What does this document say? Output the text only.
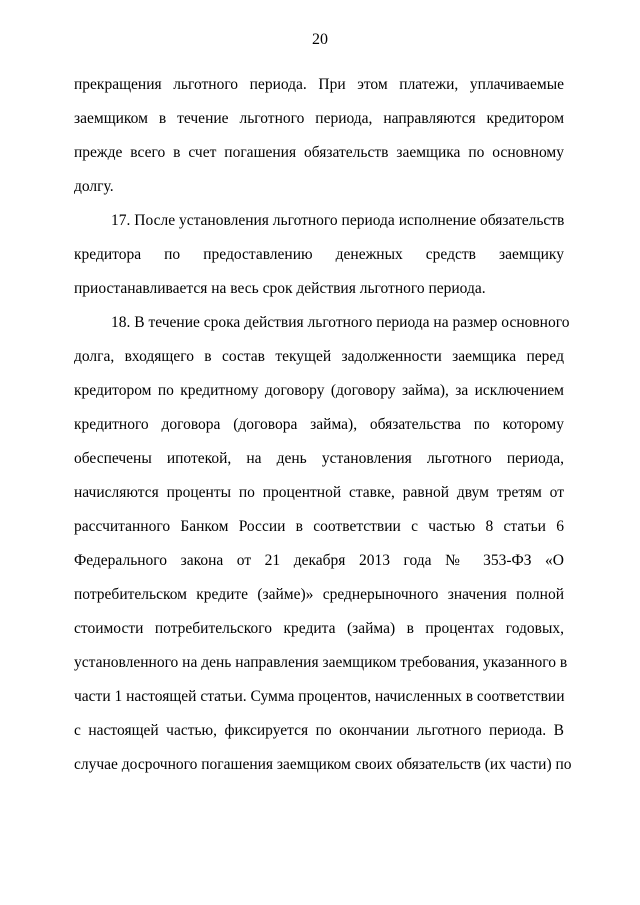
20
прекращения льготного периода. При этом платежи, уплачиваемые
заемщиком в течение льготного периода, направляются кредитором
прежде всего в счет погашения обязательств заемщика по основному
долгу.
17. После установления льготного периода исполнение обязательств
кредитора по предоставлению денежных средств заемщику
приостанавливается на весь срок действия льготного периода.
18. В течение срока действия льготного периода на размер основного
долга, входящего в состав текущей задолженности заемщика перед
кредитором по кредитному договору (договору займа), за исключением
кредитного договора (договора займа), обязательства по которому
обеспечены ипотекой, на день установления льготного периода,
начисляются проценты по процентной ставке, равной двум третям от
рассчитанного Банком России в соответствии с частью 8 статьи 6
Федерального закона от 21 декабря 2013 года № 353-ФЗ «О
потребительском кредите (займе)» среднерыночного значения полной
стоимости потребительского кредита (займа) в процентах годовых,
установленного на день направления заемщиком требования, указанного в
части 1 настоящей статьи. Сумма процентов, начисленных в соответствии
с настоящей частью, фиксируется по окончании льготного периода. В
случае досрочного погашения заемщиком своих обязательств (их части) по
